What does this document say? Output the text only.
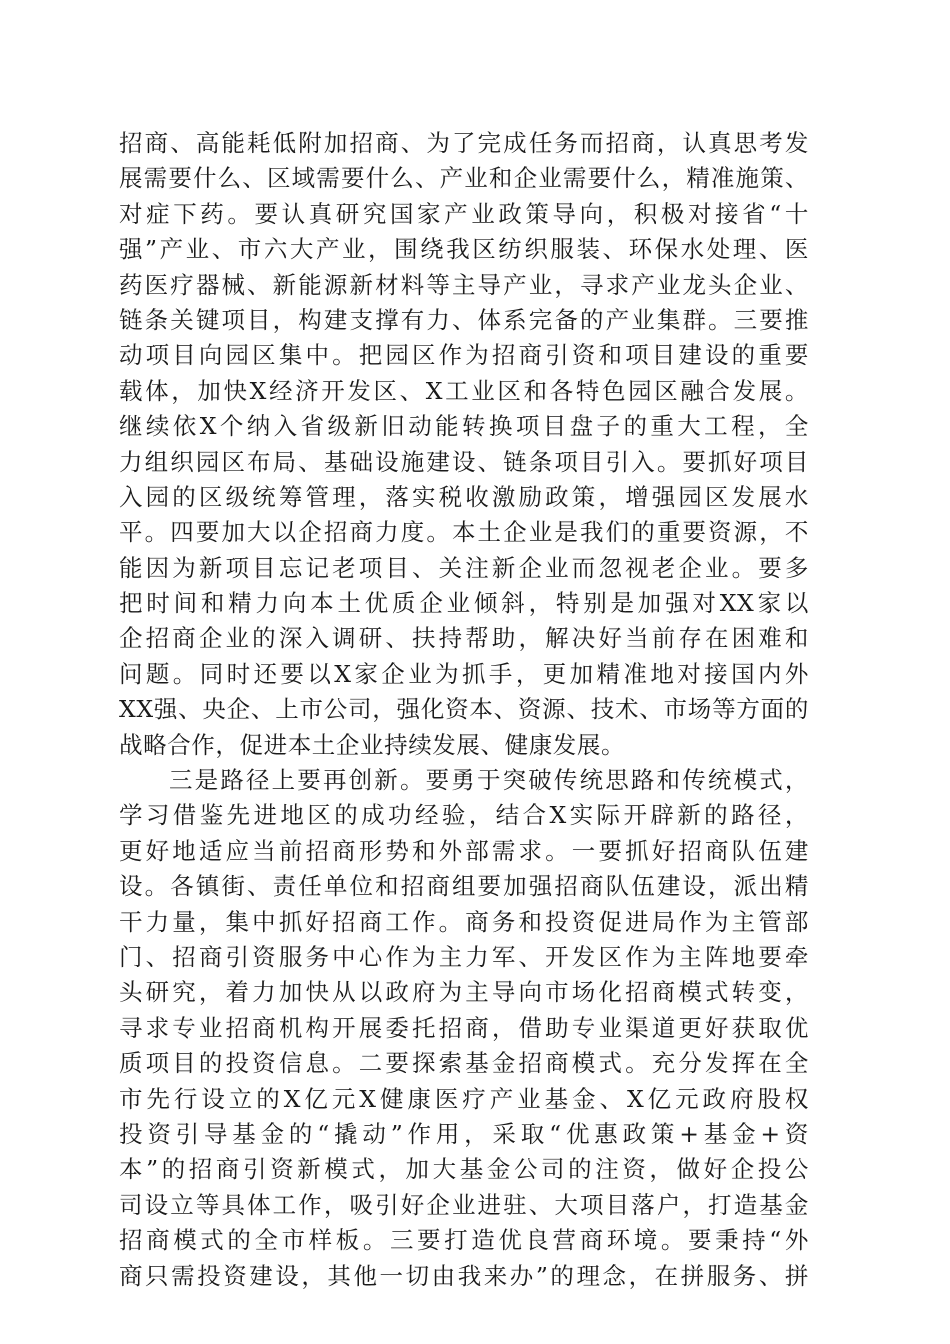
招商、高能耗低附加招商、为了完成任务而招商，认真思考发
展需要什么、区域需要什么、产业和企业需要什么，精准施策、
对症下药。要认真研究国家产业政策导向，积极对接省“十
强”产业、市六大产业，围绕我区纺织服装、环保水处理、医
药医疗器械、新能源新材料等主导产业，寻求产业龙头企业、
链条关键项目，构建支撑有力、体系完备的产业集群。三要推
动项目向园区集中。把园区作为招商引资和项目建设的重要
载体，加快X经济开发区、X工业区和各特色园区融合发展。
继续依X个纳入省级新旧动能转换项目盘子的重大工程，全
力组织园区布局、基础设施建设、链条项目引入。要抓好项目
入园的区级统筹管理，落实税收激励政策，增强园区发展水
平。四要加大以企招商力度。本土企业是我们的重要资源，不
能因为新项目忘记老项目、关注新企业而忽视老企业。要多
把时间和精力向本土优质企业倾斜，特别是加强对XX家以
企招商企业的深入调研、扶持帮助，解决好当前存在困难和
问题。同时还要以X家企业为抓手，更加精准地对接国内外
XX强、央企、上市公司，强化资本、资源、技术、市场等方面的
战略合作，促进本土企业持续发展、健康发展。
三是路径上要再创新。要勇于突破传统思路和传统模式，
学习借鉴先进地区的成功经验，结合X实际开辟新的路径，
更好地适应当前招商形势和外部需求。一要抓好招商队伍建
设。各镇街、责任单位和招商组要加强招商队伍建设，派出精
干力量，集中抓好招商工作。商务和投资促进局作为主管部
门、招商引资服务中心作为主力军、开发区作为主阵地要牵
头研究，着力加快从以政府为主导向市场化招商模式转变，
寻求专业招商机构开展委托招商，借助专业渠道更好获取优
质项目的投资信息。二要探索基金招商模式。充分发挥在全
市先行设立的X亿元X健康医疗产业基金、X亿元政府股权
投资引导基金的“撬动”作用，采取“优惠政策+基金+资
本”的招商引资新模式，加大基金公司的注资，做好企投公
司设立等具体工作，吸引好企业进驻、大项目落户，打造基金
招商模式的全市样板。三要打造优良营商环境。要秉持“外
商只需投资建设，其他一切由我来办”的理念，在拼服务、拼
